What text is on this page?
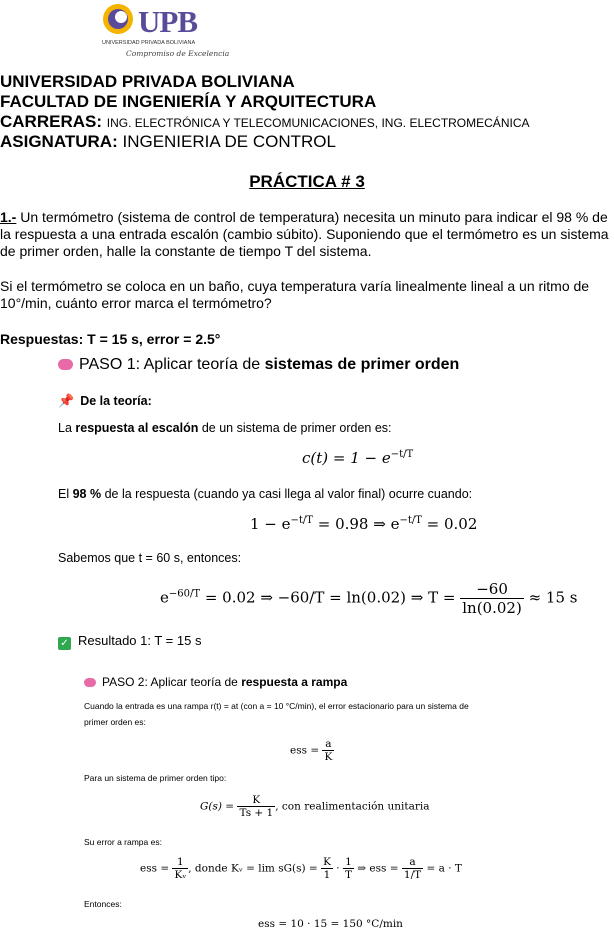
UPB
UNIVERSIDAD PRIVADA BOLIVIANA
Compromiso de Excelencia
UNIVERSIDAD PRIVADA BOLIVIANA
FACULTAD DE INGENIERÍA Y ARQUITECTURA
CARRERAS: ING. ELECTRÓNICA Y TELECOMUNICACIONES, ING. ELECTROMECÁNICA
ASIGNATURA: INGENIERIA DE CONTROL
PRÁCTICA # 3
1.- Un termómetro (sistema de control de temperatura) necesita un minuto para indicar el 98 % de la respuesta a una entrada escalón (cambio súbito). Suponiendo que el termómetro es un sistema de primer orden, halle la constante de tiempo T del sistema.
Si el termómetro se coloca en un baño, cuya temperatura varía linealmente lineal a un ritmo de 10°/min, cuánto error marca el termómetro?
Respuestas: T = 15 s, error = 2.5°
PASO 1: Aplicar teoría de sistemas de primer orden
📌 De la teoría:
La respuesta al escalón de un sistema de primer orden es:
$c(t) = 1 - e^{-t/T}$
El 98 % de la respuesta (cuando ya casi llega al valor final) ocurre cuando:
$1 - e^{-t/T} = 0.98$ ⇒ $e^{-t/T} = 0.02$
Sabemos que t = 60 s, entonces:
$e^{-60/T} = 0.02$ ⇒ −60/T = ln(0.02) ⇒ $T = \frac{-60}{\ln(0.02)} \approx 15$ s
✓ Resultado 1: T = 15 s
PASO 2: Aplicar teoría de respuesta a rampa
Cuando la entrada es una rampa r(t) = at (con a = 10 °C/min), el error estacionario para un sistema de
primer orden es:
ess = $\frac{a}{K}$
Para un sistema de primer orden tipo:
$G(s) = \frac{K}{Ts + 1}$ , con realimentación unitaria
Su error a rampa es:
ess = $\frac{1}{\text{Kᵥ}}$ , donde Kᵥ = $\lim sG(s) = \frac{K}{1} \cdot \frac{1}{T}$ ⇒ ess = $\frac{a}{1/T} = a \cdot T$
Entonces:
ess = 10 · 15 = 150 °C/min
